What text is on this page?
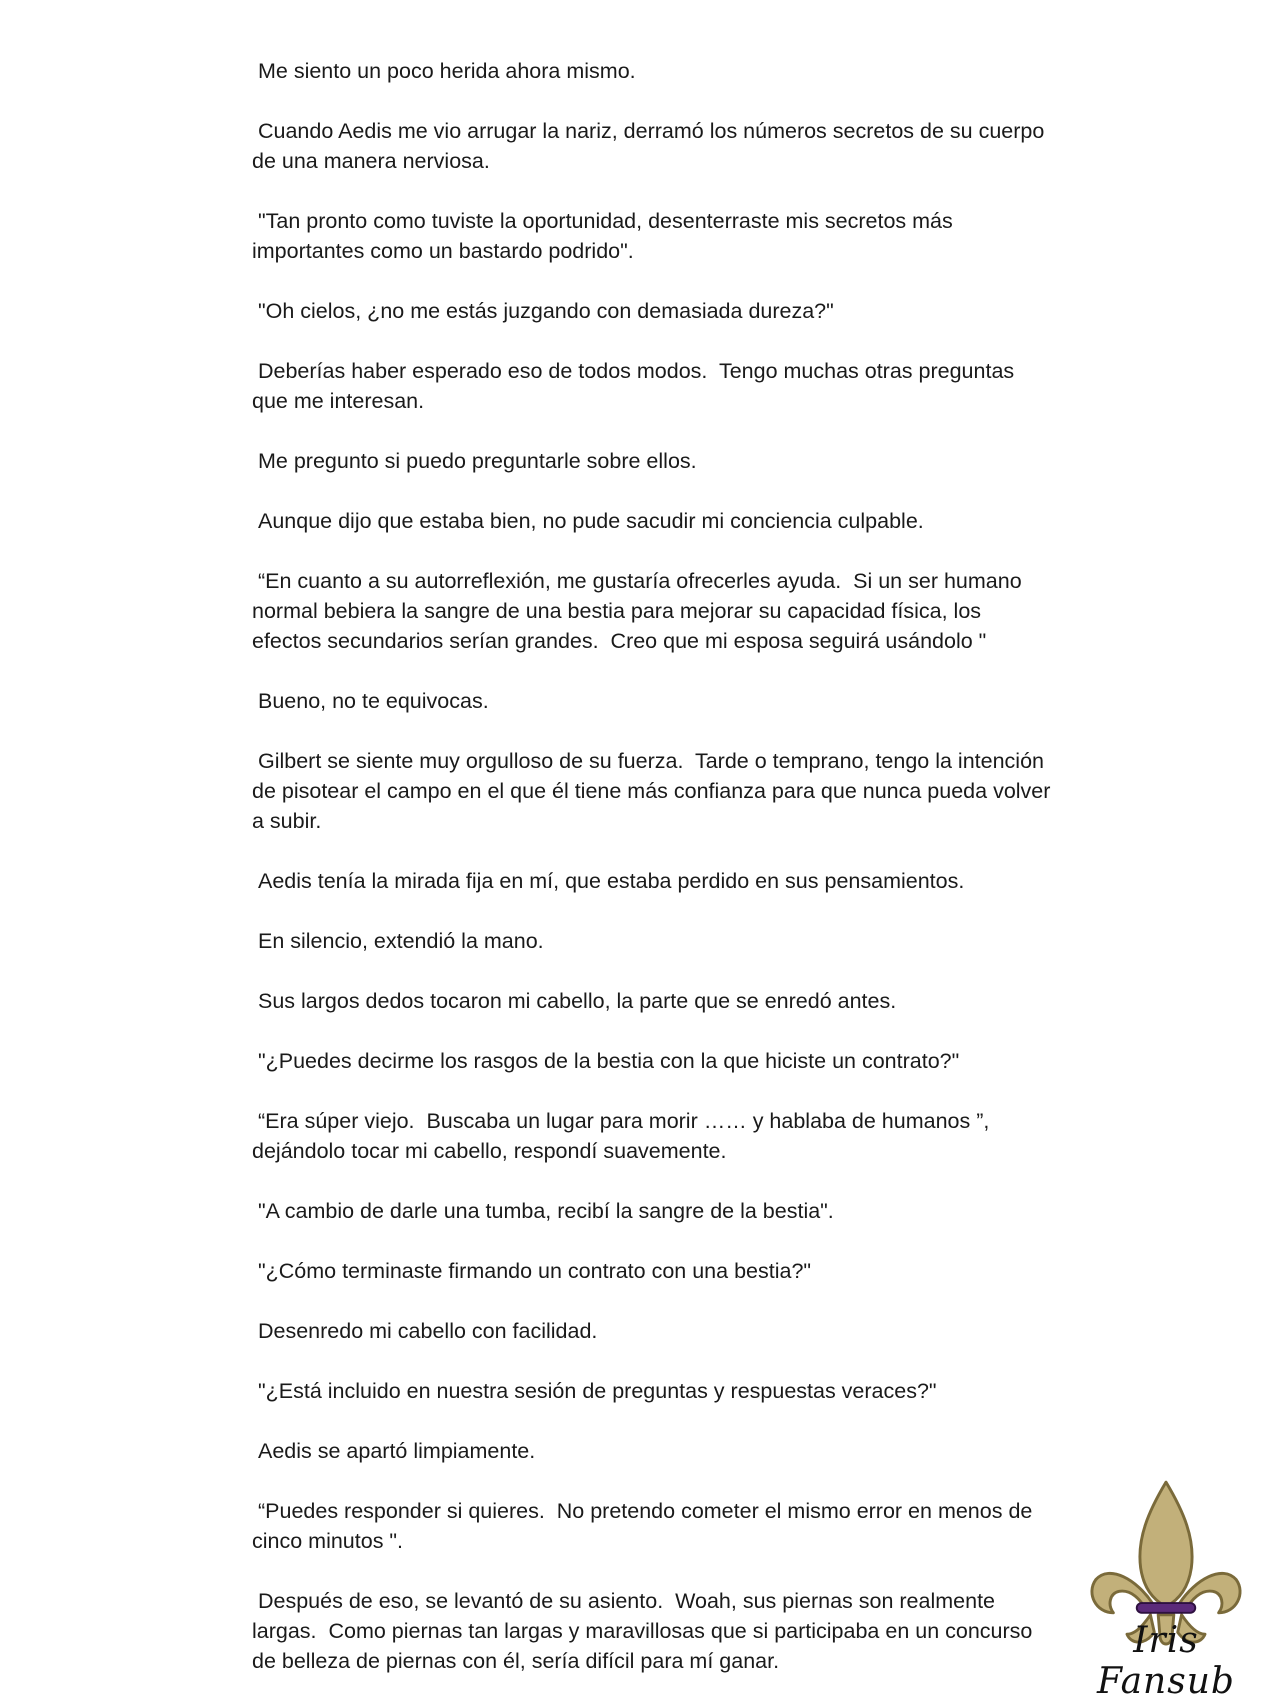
Me siento un poco herida ahora mismo.

Cuando Aedis me vio arrugar la nariz, derramó los números secretos de su cuerpo de una manera nerviosa.

"Tan pronto como tuviste la oportunidad, desenterraste mis secretos más importantes como un bastardo podrido".

"Oh cielos, ¿no me estás juzgando con demasiada dureza?"

Deberías haber esperado eso de todos modos.  Tengo muchas otras preguntas que me interesan.

Me pregunto si puedo preguntarle sobre ellos.

Aunque dijo que estaba bien, no pude sacudir mi conciencia culpable.

“En cuanto a su autorreflexión, me gustaría ofrecerles ayuda.  Si un ser humano normal bebiera la sangre de una bestia para mejorar su capacidad física, los efectos secundarios serían grandes.  Creo que mi esposa seguirá usándolo "

Bueno, no te equivocas.

Gilbert se siente muy orgulloso de su fuerza.  Tarde o temprano, tengo la intención de pisotear el campo en el que él tiene más confianza para que nunca pueda volver a subir.

Aedis tenía la mirada fija en mí, que estaba perdido en sus pensamientos.

En silencio, extendió la mano.

Sus largos dedos tocaron mi cabello, la parte que se enredó antes.

"¿Puedes decirme los rasgos de la bestia con la que hiciste un contrato?"

“Era súper viejo.  Buscaba un lugar para morir …… y hablaba de humanos ”, dejándolo tocar mi cabello, respondí suavemente.

"A cambio de darle una tumba, recibí la sangre de la bestia".

"¿Cómo terminaste firmando un contrato con una bestia?"

Desenredo mi cabello con facilidad.

"¿Está incluido en nuestra sesión de preguntas y respuestas veraces?"

Aedis se apartó limpiamente.

“Puedes responder si quieres.  No pretendo cometer el mismo error en menos de cinco minutos ".

Después de eso, se levantó de su asiento.  Woah, sus piernas son realmente largas.  Como piernas tan largas y maravillosas que si participaba en un concurso de belleza de piernas con él, sería difícil para mí ganar.	Iris Fansub
